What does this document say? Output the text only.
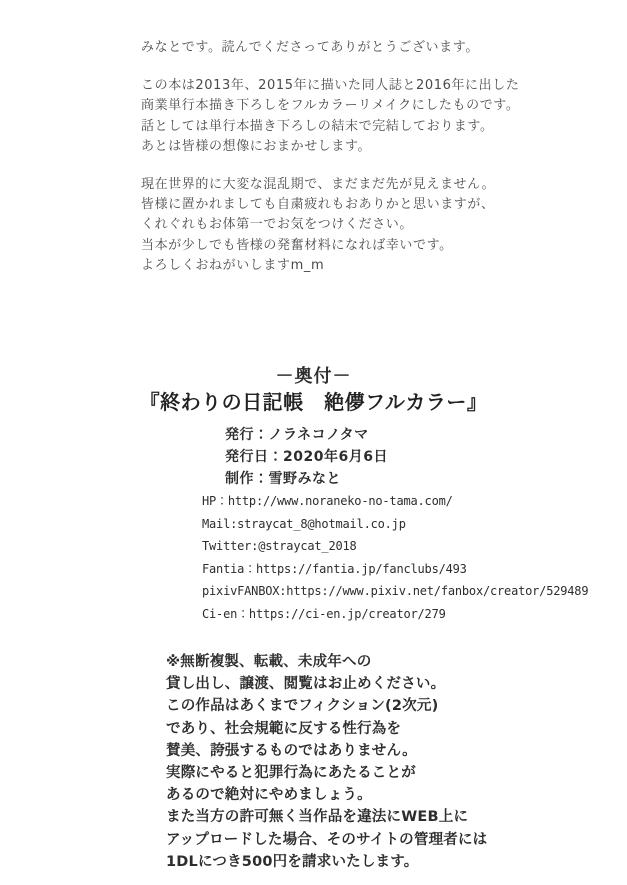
みなとです。読んでくださってありがとうございます。
この本は2013年、2015年に描いた同人誌と2016年に出した
商業単行本描き下ろしをフルカラーリメイクにしたものです。
話としては単行本描き下ろしの結末で完結しております。
あとは皆様の想像におまかせします。
現在世界的に大変な混乱期で、まだまだ先が見えません。
皆様に置かれましても自粛疲れもおありかと思いますが、
くれぐれもお体第一でお気をつけください。
当本が少しでも皆様の発奮材料になれば幸いです。
よろしくおねがいしますm_m
－奥付－
『終わりの日記帳　絶儚フルカラー』
発行：ノラネコノタマ
発行日：2020年6月6日
制作：雪野みなと
HP：http://www.noraneko-no-tama.com/
Mail:straycat_8@hotmail.co.jp
Twitter:@straycat_2018
Fantia：https://fantia.jp/fanclubs/493
pixivFANBOX:https://www.pixiv.net/fanbox/creator/529489
Ci-en：https://ci-en.jp/creator/279
※無断複製、転載、未成年への
貸し出し、譲渡、閲覧はお止めください。
この作品はあくまでフィクション(2次元)
であり、社会規範に反する性行為を
賛美、誇張するものではありません。
実際にやると犯罪行為にあたることが
あるので絶対にやめましょう。
また当方の許可無く当作品を違法にWEB上に
アップロードした場合、そのサイトの管理者には
1DLにつき500円を請求いたします。
